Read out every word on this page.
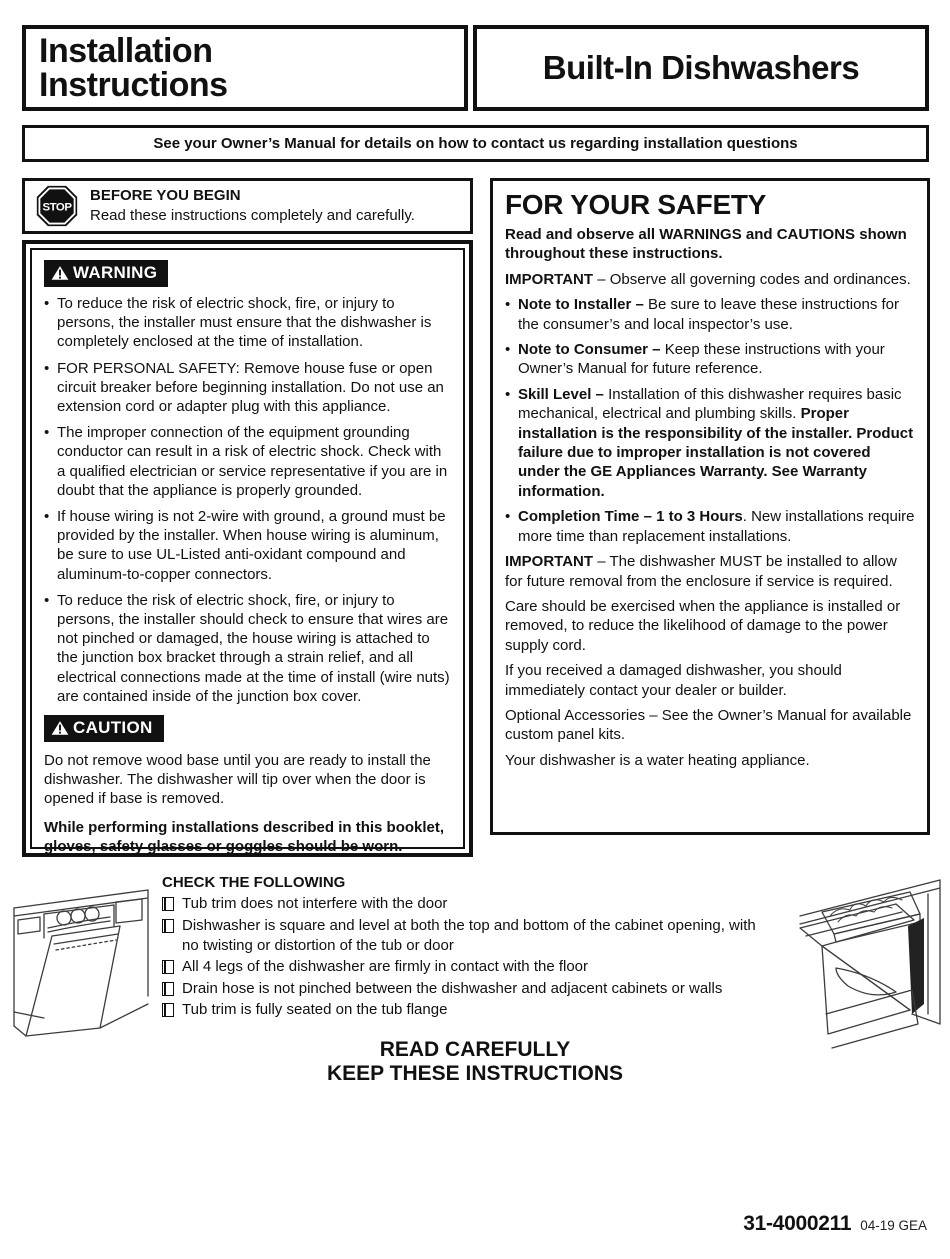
Installation
Instructions	Built-In Dishwashers
See your Owner’s Manual for details on how to contact us regarding installation questions
STOP
BEFORE YOU BEGIN
Read these instructions completely and carefully.
WARNING
• To reduce the risk of electric shock, fire, or injury to persons, the installer must ensure that the dishwasher is completely enclosed at the time of installation.
• FOR PERSONAL SAFETY: Remove house fuse or open circuit breaker before beginning installation. Do not use an extension cord or adapter plug with this appliance.
• The improper connection of the equipment grounding conductor can result in a risk of electric shock. Check with a qualified electrician or service representative if you are in doubt that the appliance is properly grounded.
• If house wiring is not 2-wire with ground, a ground must be provided by the installer. When house wiring is aluminum, be sure to use UL-Listed anti-oxidant compound and aluminum-to-copper connectors.
• To reduce the risk of electric shock, fire, or injury to persons, the installer should check to ensure that wires are not pinched or damaged, the house wiring is attached to the junction box bracket through a strain relief, and all electrical connections made at the time of install (wire nuts) are contained inside of the junction box cover.
CAUTION
Do not remove wood base until you are ready to install the dishwasher. The dishwasher will tip over when the door is opened if base is removed.
While performing installations described in this booklet, gloves, safety glasses or goggles should be worn.
FOR YOUR SAFETY
Read and observe all WARNINGS and CAUTIONS shown throughout these instructions.
IMPORTANT – Observe all governing codes and ordinances.
• Note to Installer – Be sure to leave these instructions for the consumer’s and local inspector’s use.
• Note to Consumer – Keep these instructions with your Owner’s Manual for future reference.
• Skill Level – Installation of this dishwasher requires basic mechanical, electrical and plumbing skills. Proper installation is the responsibility of the installer. Product failure due to improper installation is not covered under the GE Appliances Warranty. See Warranty information.
• Completion Time – 1 to 3 Hours. New installations require more time than replacement installations.
IMPORTANT – The dishwasher MUST be installed to allow for future removal from the enclosure if service is required.
Care should be exercised when the appliance is installed or removed, to reduce the likelihood of damage to the power supply cord.
If you received a damaged dishwasher, you should immediately contact your dealer or builder.
Optional Accessories – See the Owner’s Manual for available custom panel kits.
Your dishwasher is a water heating appliance.
CHECK THE FOLLOWING
Tub trim does not interfere with the door
Dishwasher is square and level at both the top and bottom of the cabinet opening, with no twisting or distortion of the tub or door
All 4 legs of the dishwasher are firmly in contact with the floor
Drain hose is not pinched between the dishwasher and adjacent cabinets or walls
Tub trim is fully seated on the tub flange
READ CAREFULLY
KEEP THESE INSTRUCTIONS
31-4000211 04-19 GEA
